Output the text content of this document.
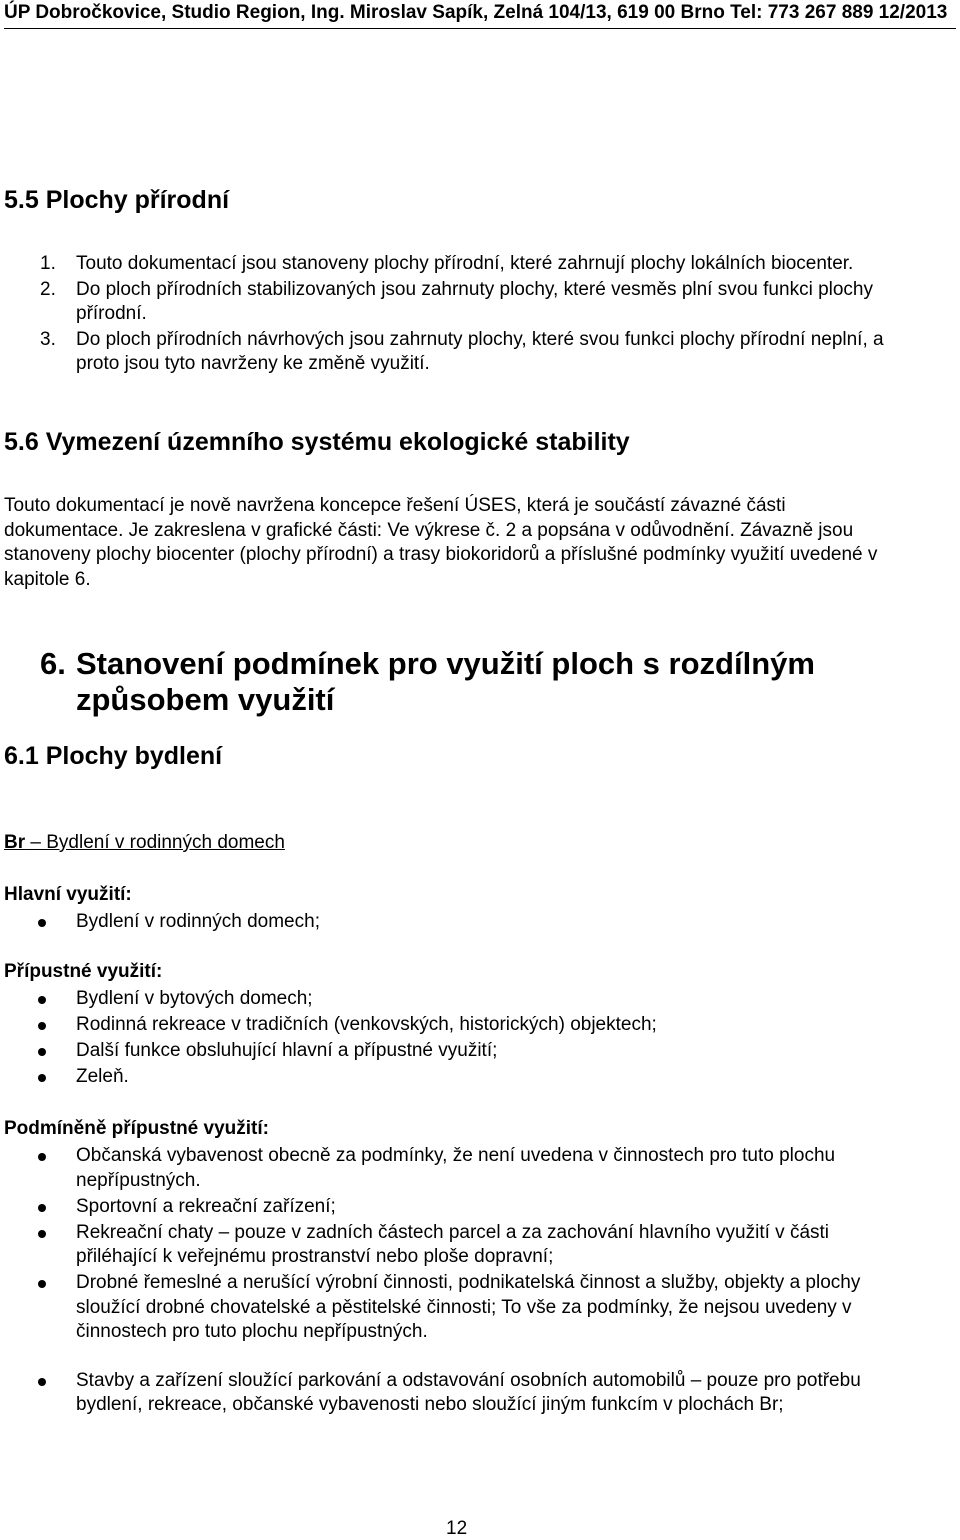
ÚP Dobročkovice, Studio Region, Ing. Miroslav Sapík, Zelná 104/13, 619 00 Brno Tel: 773 267 889 12/2013
5.5 Plochy přírodní
1. Touto dokumentací jsou stanoveny plochy přírodní, které zahrnují plochy lokálních biocenter.
2. Do ploch přírodních stabilizovaných jsou zahrnuty plochy, které vesměs plní svou funkci plochy přírodní.
3. Do ploch přírodních návrhových jsou zahrnuty plochy, které svou funkci plochy přírodní neplní, a proto jsou tyto navrženy ke změně využití.
5.6 Vymezení územního systému ekologické stability

Touto dokumentací je nově navržena koncepce řešení ÚSES, která je součástí závazné části dokumentace. Je zakreslena v grafické části: Ve výkrese č. 2 a popsána v odůvodnění. Závazně jsou stanoveny plochy biocenter (plochy přírodní) a trasy biokoridorů a příslušné podmínky využití uvedené v kapitole 6.

6. Stanovení podmínek pro využití ploch s rozdílným způsobem využití
6.1 Plochy bydlení

Br – Bydlení v rodinných domech

Hlavní využití:

Bydlení v rodinných domech;

Přípustné využití:

Bydlení v bytových domech;
Rodinná rekreace v tradičních (venkovských, historických) objektech;
Další funkce obsluhující hlavní a přípustné využití;
Zeleň.

Podmíněně přípustné využití:

Občanská vybavenost obecně za podmínky, že není uvedena v činnostech pro tuto plochu nepřípustných.
Sportovní a rekreační zařízení;
Rekreační chaty – pouze v zadních částech parcel a za zachování hlavního využití v části přiléhající k veřejnému prostranství nebo ploše dopravní;
Drobné řemeslné a nerušící výrobní činnosti, podnikatelská činnost a služby, objekty a plochy sloužící drobné chovatelské a pěstitelské činnosti; To vše za podmínky, že nejsou uvedeny v činnostech pro tuto plochu nepřípustných.
Stavby a zařízení sloužící parkování a odstavování osobních automobilů – pouze pro potřebu bydlení, rekreace, občanské vybavenosti nebo sloužící jiným funkcím v plochách Br;
12
